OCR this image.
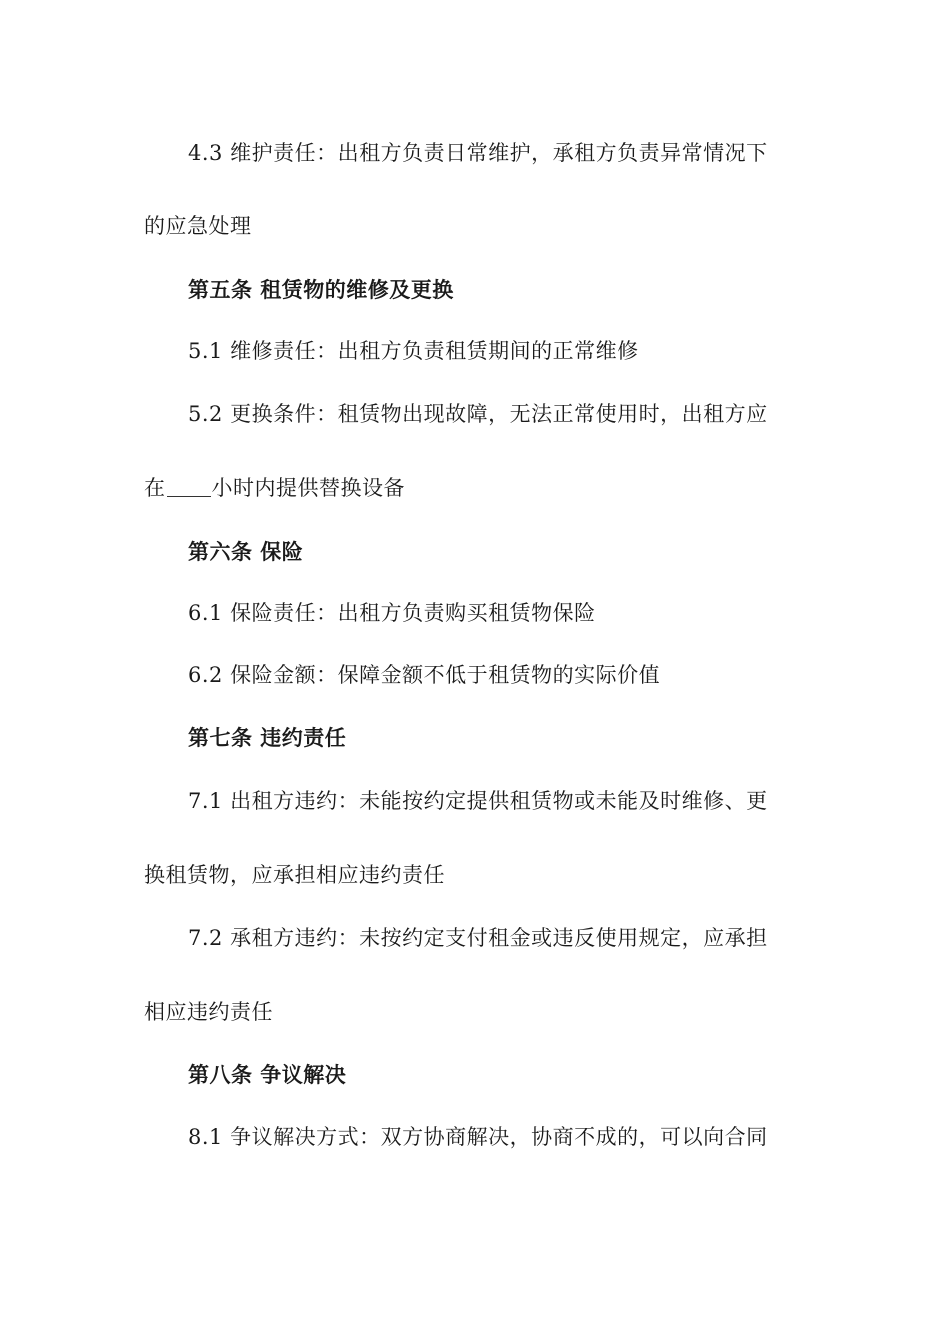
4.3 维护责任：出租方负责日常维护，承租方负责异常情况下
的应急处理
第五条 租赁物的维修及更换
5.1 维修责任：出租方负责租赁期间的正常维修
5.2 更换条件：租赁物出现故障，无法正常使用时，出租方应
在 小时内提供替换设备
第六条 保险
6.1 保险责任：出租方负责购买租赁物保险
6.2 保险金额：保障金额不低于租赁物的实际价值
第七条 违约责任
7.1 出租方违约：未能按约定提供租赁物或未能及时维修、更
换租赁物，应承担相应违约责任
7.2 承租方违约：未按约定支付租金或违反使用规定，应承担
相应违约责任
第八条 争议解决
8.1 争议解决方式：双方协商解决，协商不成的，可以向合同
